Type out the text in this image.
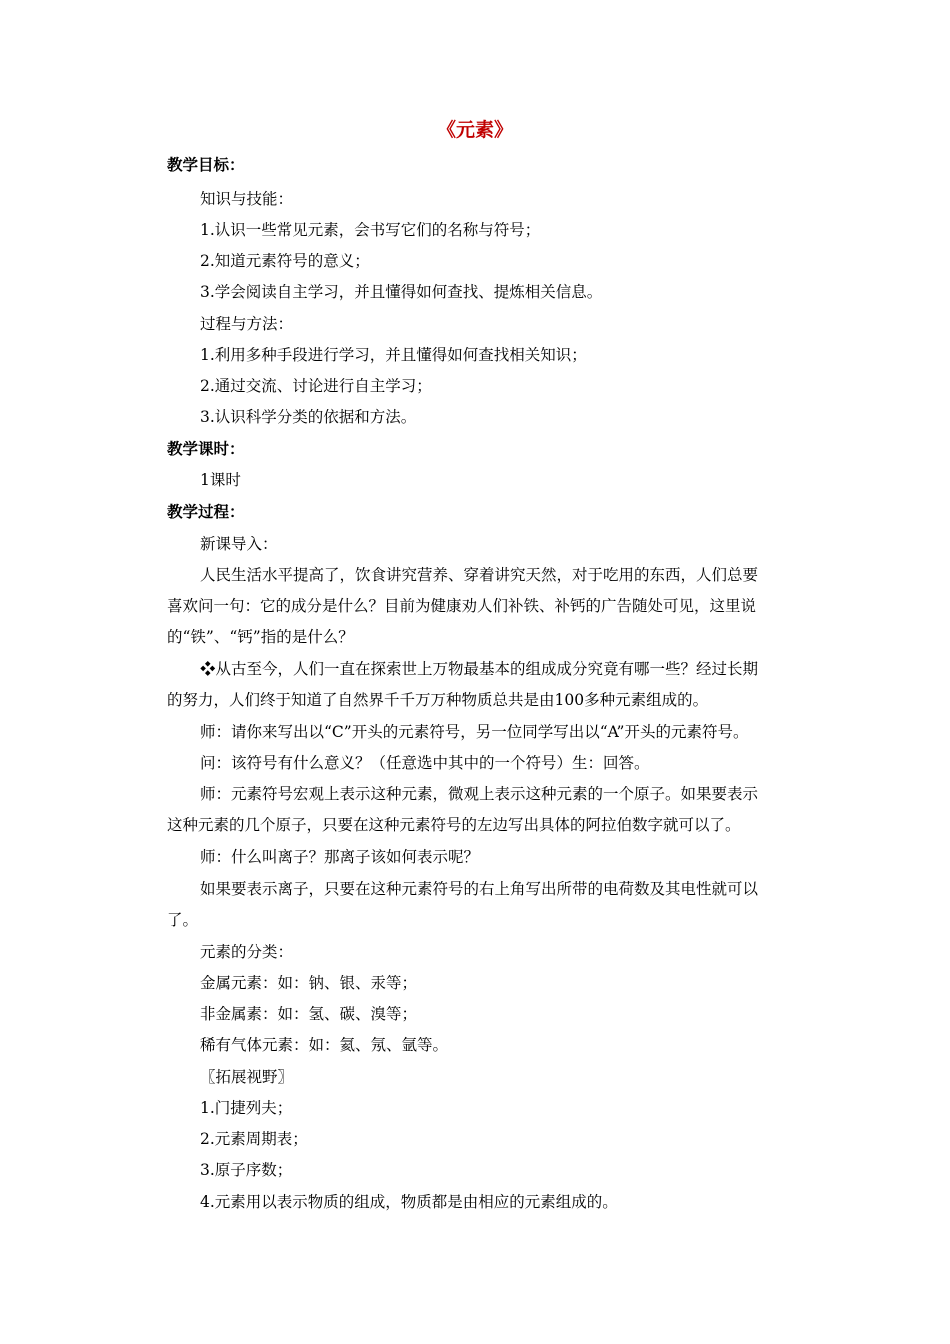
《元素》
教学目标：
知识与技能：
1.认识一些常见元素，会书写它们的名称与符号；
2.知道元素符号的意义；
3.学会阅读自主学习，并且懂得如何查找、提炼相关信息。
过程与方法：
1.利用多种手段进行学习，并且懂得如何查找相关知识；
2.通过交流、讨论进行自主学习；
3.认识科学分类的依据和方法。
教学课时：
1课时
教学过程：
新课导入：
人民生活水平提高了，饮食讲究营养、穿着讲究天然，对于吃用的东西，人们总要
喜欢问一句：它的成分是什么？目前为健康劝人们补铁、补钙的广告随处可见，这里说
的“铁”、“钙”指的是什么？
❖从古至今，人们一直在探索世上万物最基本的组成成分究竟有哪一些？经过长期
的努力，人们终于知道了自然界千千万万种物质总共是由100多种元素组成的。
师：请你来写出以“C”开头的元素符号，另一位同学写出以“A”开头的元素符号。
问：该符号有什么意义？（任意选中其中的一个符号）生：回答。
师：元素符号宏观上表示这种元素，微观上表示这种元素的一个原子。如果要表示
这种元素的几个原子，只要在这种元素符号的左边写出具体的阿拉伯数字就可以了。
师：什么叫离子？那离子该如何表示呢？
如果要表示离子，只要在这种元素符号的右上角写出所带的电荷数及其电性就可以
了。
元素的分类：
金属元素：如：钠、银、汞等；
非金属素：如：氢、碳、溴等；
稀有气体元素：如：氦、氖、氩等。
〖拓展视野〗
1.门捷列夫；
2.元素周期表；
3.原子序数；
4.元素用以表示物质的组成，物质都是由相应的元素组成的。
